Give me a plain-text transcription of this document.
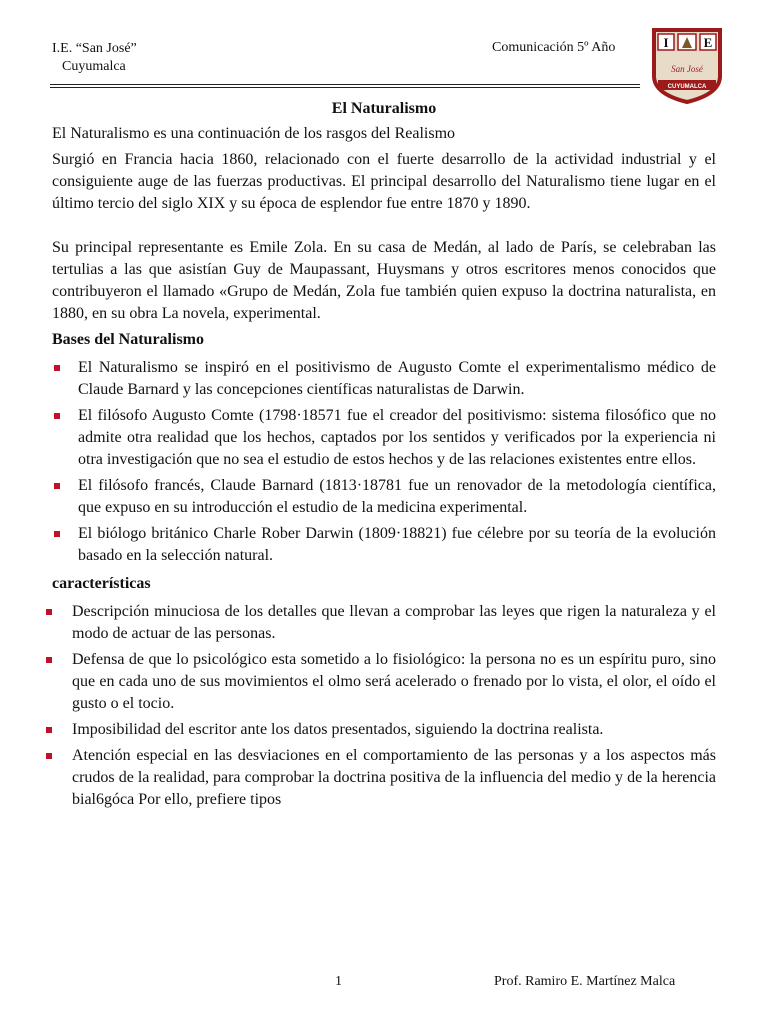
I.E. “San José”
Cuyumalca
Comunicación 5º Año	I	E
San José
CUYUMALCA
El Naturalismo

El Naturalismo es una continuación de los rasgos del Realismo

Surgió en Francia hacia 1860, relacionado con el fuerte desarrollo de la actividad industrial y el consiguiente auge de las fuerzas productivas. El principal desarrollo del Naturalismo tiene lugar en el último tercio del siglo XIX y su época de esplendor fue entre 1870 y 1890.

Su principal representante es Emile Zola. En su casa de Medán, al lado de París, se celebraban las tertulias a las que asistían Guy de Maupassant, Huysmans y otros escritores menos conocidos que contribuyeron el llamado «Grupo de Medán, Zola fue también quien expuso la doctrina naturalista, en 1880, en su obra La novela, experimental.

Bases del Naturalismo
El Naturalismo se inspiró en el positivismo de Augusto Comte el experimentalismo médico de Claude Barnard y las concepciones científicas naturalistas de Darwin.
El filósofo Augusto Comte (1798·18571 fue el creador del positivismo: sistema filosófico que no admite otra realidad que los hechos, captados por los sentidos y verificados por la experiencia ni otra investigación que no sea el estudio de estos hechos y de las relaciones existentes entre ellos.
El filósofo francés, Claude Barnard (1813·18781 fue un renovador de la metodología científica, que expuso en su introducción el estudio de la medicina experimental.
El biólogo británico Charle Rober Darwin (1809·18821) fue célebre por su teoría de la evolución basado en la selección natural.
características
Descripción minuciosa de los detalles que llevan a comprobar las leyes que rigen la naturaleza y el modo de actuar de las personas.
Defensa de que lo psicológico esta sometido a lo fisiológico: la persona no es un espíritu puro, sino que en cada uno de sus movimientos el olmo será acelerado o frenado por lo vista, el olor, el oído el gusto o el tocio.
Imposibilidad del escritor ante los datos presentados, siguiendo la doctrina realista.
Atención especial en las desviaciones en el comportamiento de las personas y a los aspectos más crudos de la realidad, para comprobar la doctrina positiva de la influencia del medio y de la herencia bial6góca Por ello, prefiere tipos
1	Prof. Ramiro E. Martínez Malca
